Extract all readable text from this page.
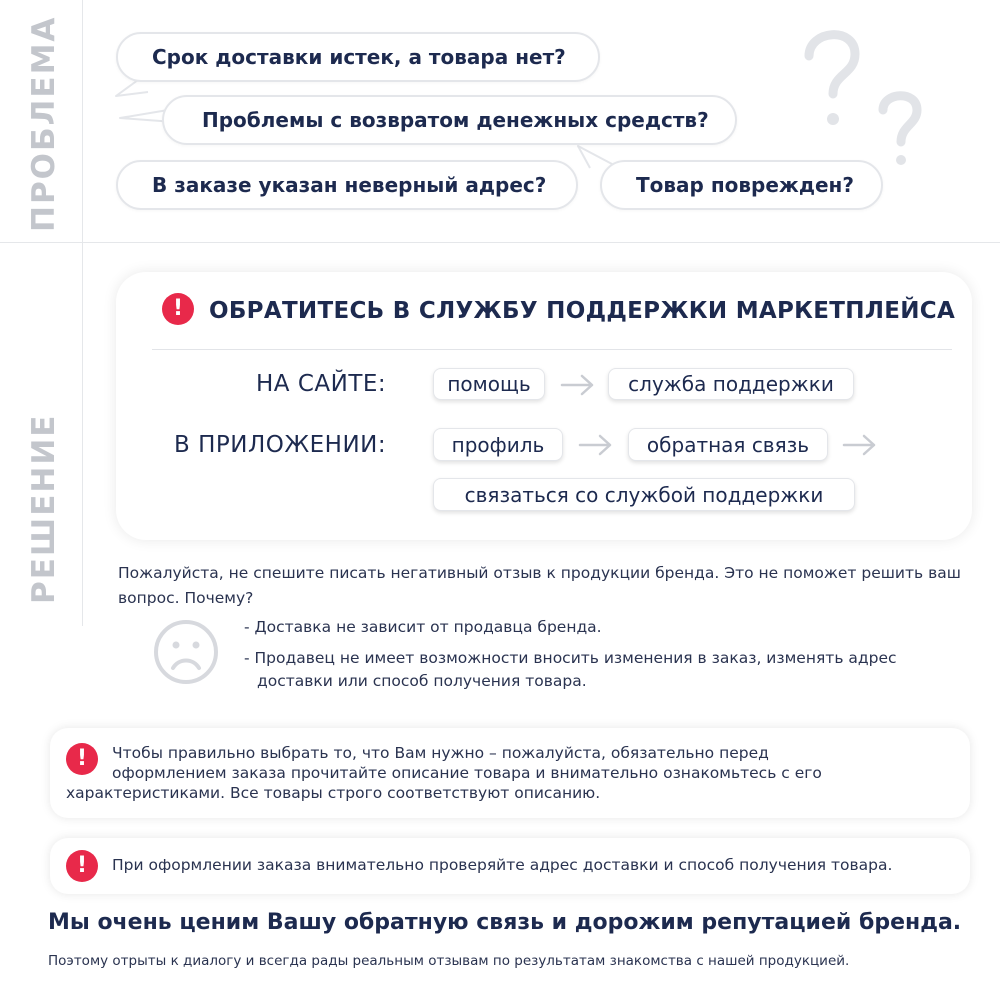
ПРОБЛЕМА
РЕШЕНИЕ
Срок доставки истек, а товара нет?
Проблемы с возвратом денежных средств?
В заказе указан неверный адрес?	Товар поврежден?
!	ОБРАТИТЕСЬ В СЛУЖБУ ПОДДЕРЖКИ МАРКЕТПЛЕЙСА
НА САЙТЕ:	помощь	служба поддержки
В ПРИЛОЖЕНИИ:	профиль	обратная связь
связаться со службой поддержки
Пожалуйста, не спешите писать негативный отзыв к продукции бренда. Это не поможет решить ваш вопрос. Почему?
- Доставка не зависит от продавца бренда.
- Продавец не имеет возможности вносить изменения в заказ, изменять адрес
доставки или способ получения товара.
!	Чтобы правильно выбрать то, что Вам нужно – пожалуйста, обязательно перед
оформлением заказа прочитайте описание товара и внимательно ознакомьтесь с его
характеристиками. Все товары строго соответствуют описанию.
!	При оформлении заказа внимательно проверяйте адрес доставки и способ получения товара.
Мы очень ценим Вашу обратную связь и дорожим репутацией бренда.
Поэтому отрыты к диалогу и всегда рады реальным отзывам по результатам знакомства с нашей продукцией.
